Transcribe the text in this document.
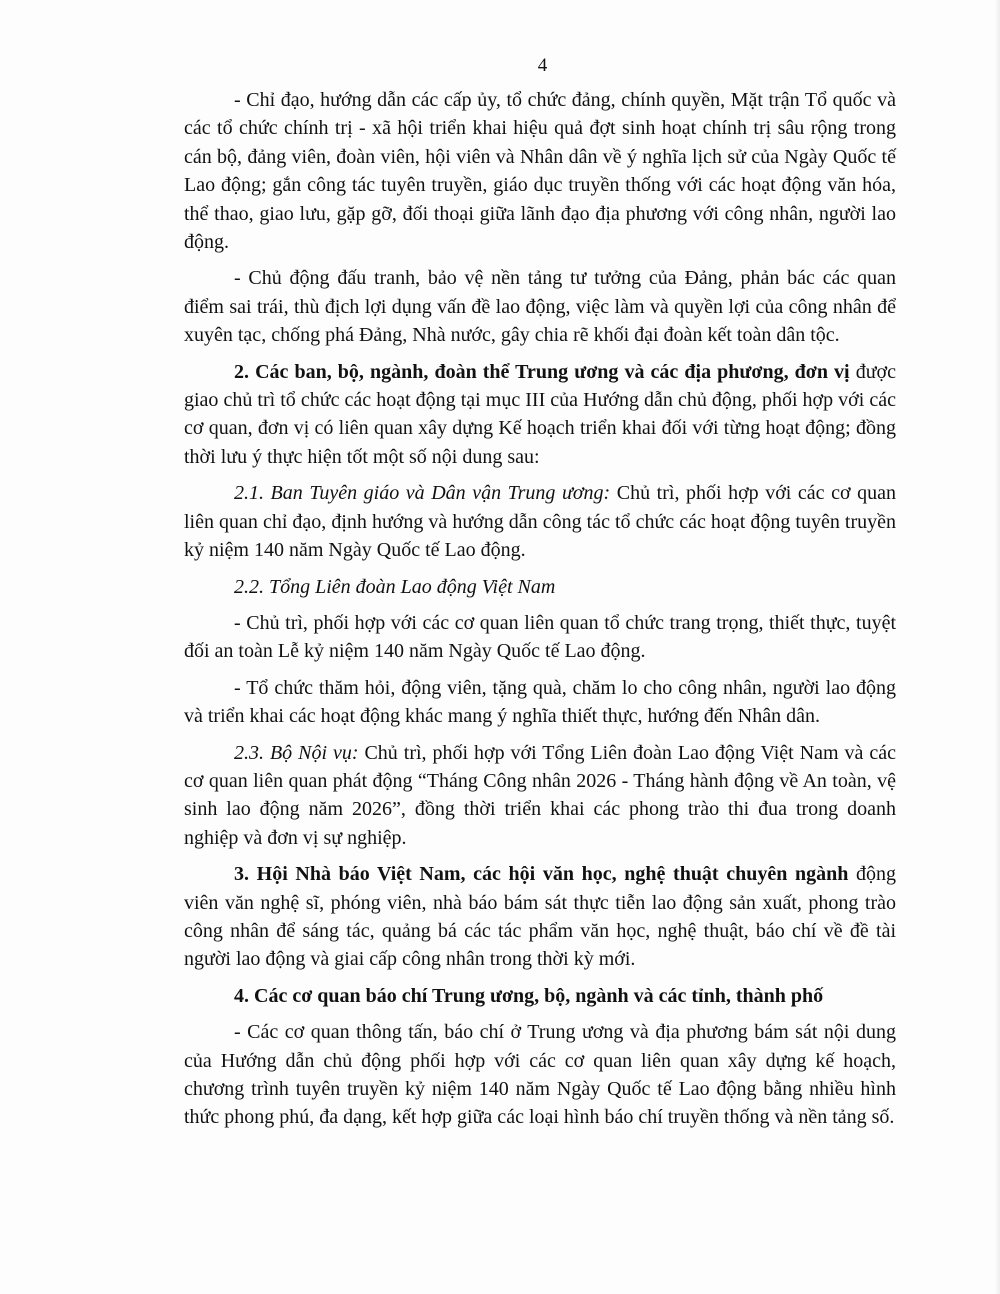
4

- Chỉ đạo, hướng dẫn các cấp ủy, tổ chức đảng, chính quyền, Mặt trận Tổ quốc và các tổ chức chính trị - xã hội triển khai hiệu quả đợt sinh hoạt chính trị sâu rộng trong cán bộ, đảng viên, đoàn viên, hội viên và Nhân dân về ý nghĩa lịch sử của Ngày Quốc tế Lao động; gắn công tác tuyên truyền, giáo dục truyền thống với các hoạt động văn hóa, thể thao, giao lưu, gặp gỡ, đối thoại giữa lãnh đạo địa phương với công nhân, người lao động.

- Chủ động đấu tranh, bảo vệ nền tảng tư tưởng của Đảng, phản bác các quan điểm sai trái, thù địch lợi dụng vấn đề lao động, việc làm và quyền lợi của công nhân để xuyên tạc, chống phá Đảng, Nhà nước, gây chia rẽ khối đại đoàn kết toàn dân tộc.

2. Các ban, bộ, ngành, đoàn thể Trung ương và các địa phương, đơn vị được giao chủ trì tổ chức các hoạt động tại mục III của Hướng dẫn chủ động, phối hợp với các cơ quan, đơn vị có liên quan xây dựng Kế hoạch triển khai đối với từng hoạt động; đồng thời lưu ý thực hiện tốt một số nội dung sau:

2.1. Ban Tuyên giáo và Dân vận Trung ương: Chủ trì, phối hợp với các cơ quan liên quan chỉ đạo, định hướng và hướng dẫn công tác tổ chức các hoạt động tuyên truyền kỷ niệm 140 năm Ngày Quốc tế Lao động.

2.2. Tổng Liên đoàn Lao động Việt Nam

- Chủ trì, phối hợp với các cơ quan liên quan tổ chức trang trọng, thiết thực, tuyệt đối an toàn Lễ kỷ niệm 140 năm Ngày Quốc tế Lao động.

- Tổ chức thăm hỏi, động viên, tặng quà, chăm lo cho công nhân, người lao động và triển khai các hoạt động khác mang ý nghĩa thiết thực, hướng đến Nhân dân.

2.3. Bộ Nội vụ: Chủ trì, phối hợp với Tổng Liên đoàn Lao động Việt Nam và các cơ quan liên quan phát động “Tháng Công nhân 2026 - Tháng hành động về An toàn, vệ sinh lao động năm 2026”, đồng thời triển khai các phong trào thi đua trong doanh nghiệp và đơn vị sự nghiệp.

3. Hội Nhà báo Việt Nam, các hội văn học, nghệ thuật chuyên ngành động viên văn nghệ sĩ, phóng viên, nhà báo bám sát thực tiễn lao động sản xuất, phong trào công nhân để sáng tác, quảng bá các tác phẩm văn học, nghệ thuật, báo chí về đề tài người lao động và giai cấp công nhân trong thời kỳ mới.

4. Các cơ quan báo chí Trung ương, bộ, ngành và các tỉnh, thành phố

- Các cơ quan thông tấn, báo chí ở Trung ương và địa phương bám sát nội dung của Hướng dẫn chủ động phối hợp với các cơ quan liên quan xây dựng kế hoạch, chương trình tuyên truyền kỷ niệm 140 năm Ngày Quốc tế Lao động bằng nhiều hình thức phong phú, đa dạng, kết hợp giữa các loại hình báo chí truyền thống và nền tảng số.
